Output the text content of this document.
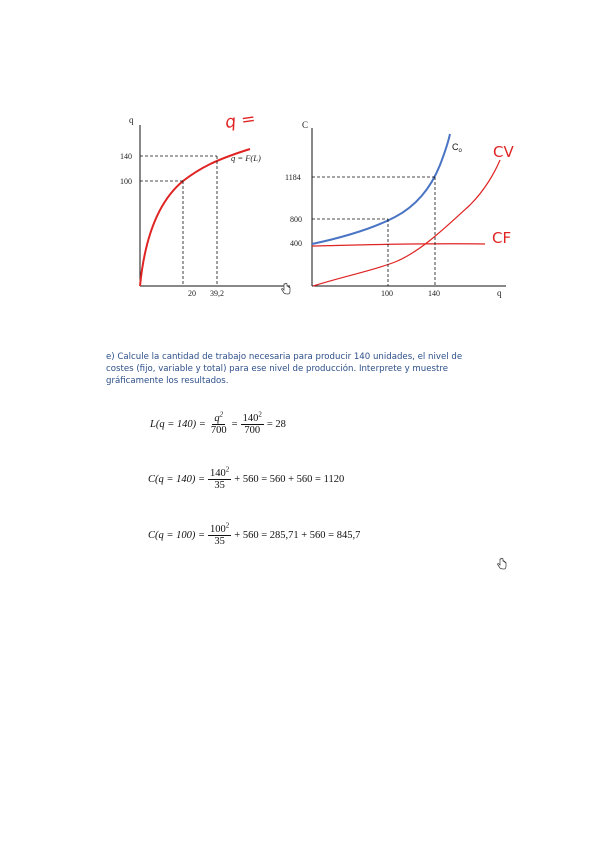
q
140
100
20 39,2
q = F(L)
q =	C
q
1184
800
400
100	140
$C_o$ CV
CF
e) Calcule la cantidad de trabajo necesaria para producir 140 unidades, el nivel de
costes (fijo, variable y total) para ese nivel de producción. Interprete y muestre
gráficamente los resultados.
$L(q = 140) = \frac{q^2}{700} = \frac{140^2}{700} = 28$
$C(q = 140) = \frac{140^2}{35} + 560 = 560 + 560 = 1120$
$C(q = 100) = \frac{100^2}{35} + 560 = 285,71 + 560 = 845,7$
